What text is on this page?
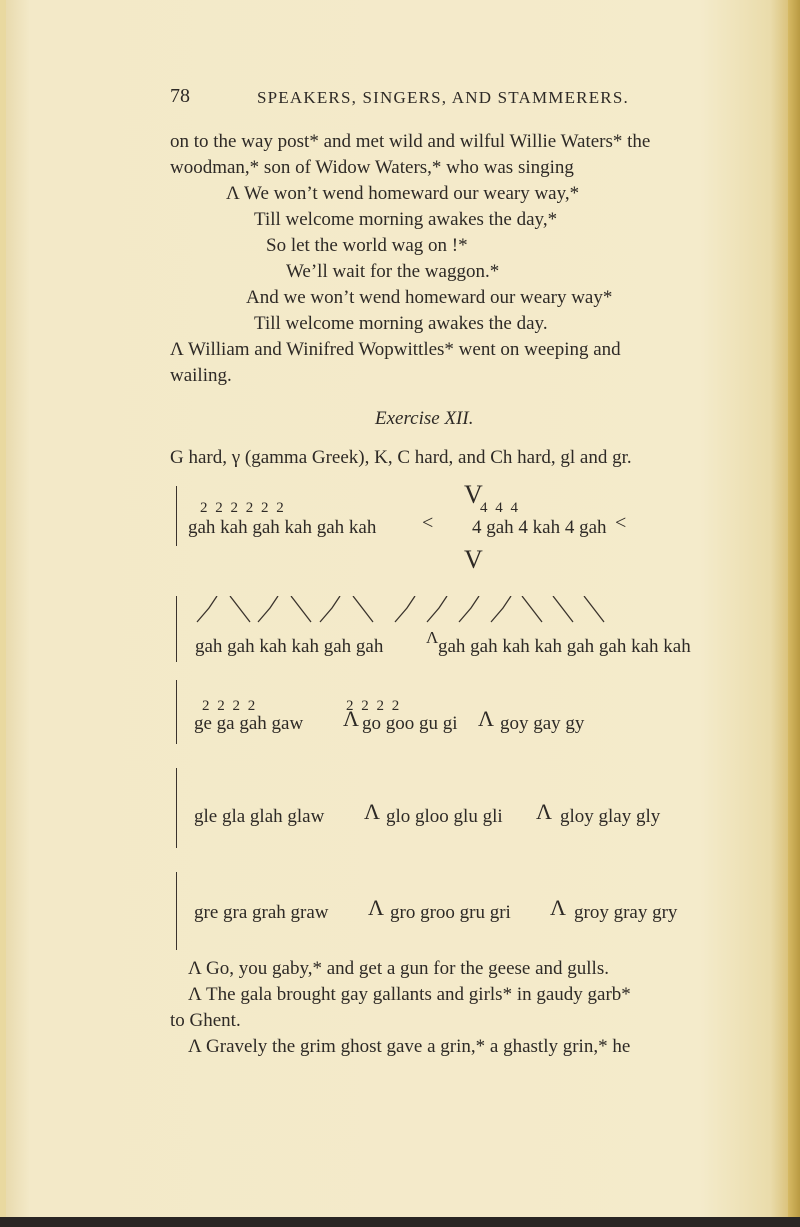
78	SPEAKERS, SINGERS, AND STAMMERERS.
on to the way post* and met wild and wilful Willie Waters* the
woodman,* son of Widow Waters,* who was singing
Λ We won’t wend homeward our weary way,*
Till welcome morning awakes the day,*
So let the world wag on !*
We’ll wait for the waggon.*
And we won’t wend homeward our weary way*
Till welcome morning awakes the day.
Λ William and Winifred Wopwittles* went on weeping and
wailing.
Exercise XII.
G hard, γ (gamma Greek), K, C hard, and Ch hard, gl and gr.
2 2 2 2 2 2	4 4 4
gah kah gah kah gah kah < 4 gah 4 kah 4 gah <
V
V
gah gah kah kah gah gah	Λ gah gah kah kah gah gah kah kah
2 2 2 2	2 2 2 2
ge ga gah gaw Λ go goo gu gi Λ goy gay gy
gle gla glah glaw Λ glo gloo glu gli Λ gloy glay gly
gre gra grah graw Λ gro groo gru gri Λ groy gray gry
Λ Go, you gaby,* and get a gun for the geese and gulls.
Λ The gala brought gay gallants and girls* in gaudy garb*
to Ghent.
Λ Gravely the grim ghost gave a grin,* a ghastly grin,* he
